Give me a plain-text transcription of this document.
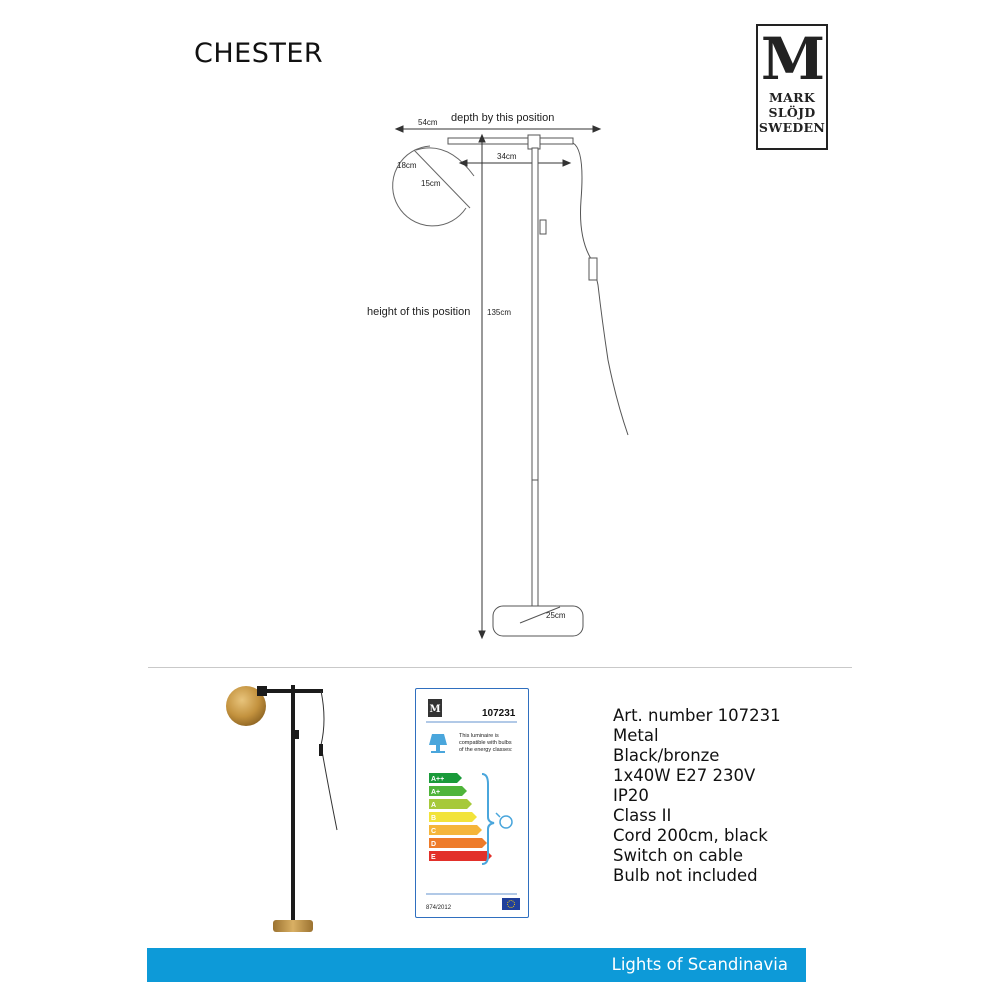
CHESTER	M
MARK
SLÖJD
SWEDEN
54cm depth by this position
18cm
15cm
34cm
height of this position 135cm
25cm
M	107231
This luminaire is
compatible with bulbs
of the energy classes:
A++
A+
A
B
C
D
E
874/2012
Art. number 107231
Metal
Black/bronze
1x40W E27 230V
IP20
Class II
Cord 200cm, black
Switch on cable
Bulb not included
Lights of Scandinavia
